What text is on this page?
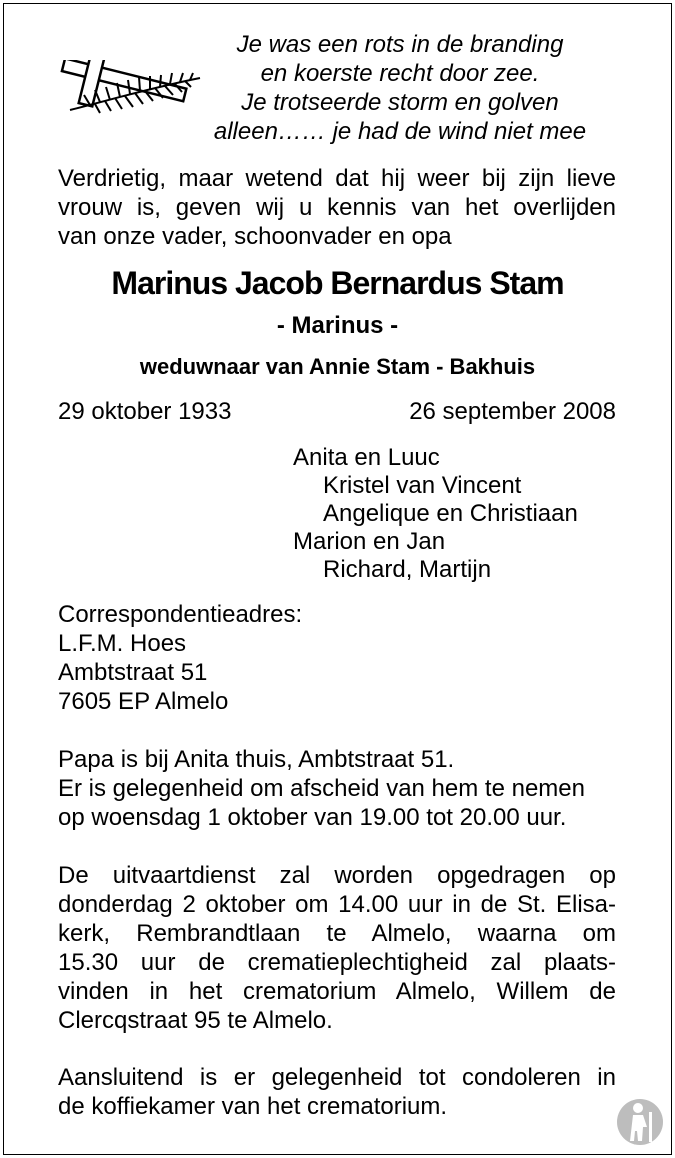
Je was een rots in de branding
en koerste recht door zee.
Je trotseerde storm en golven
alleen…… je had de wind niet mee
Verdrietig, maar wetend dat hij weer bij zijn lieve
vrouw is, geven wij u kennis van het overlijden
van onze vader, schoonvader en opa
Marinus Jacob Bernardus Stam
- Marinus -
weduwnaar van Annie Stam - Bakhuis
29 oktober 1933	26 september 2008
Anita en Luuc
Kristel van Vincent
Angelique en Christiaan
Marion en Jan
Richard, Martijn
Correspondentieadres:
L.F.M. Hoes
Ambtstraat 51
7605 EP Almelo
Papa is bij Anita thuis, Ambtstraat 51.
Er is gelegenheid om afscheid van hem te nemen
op woensdag 1 oktober van 19.00 tot 20.00 uur.
De uitvaartdienst zal worden opgedragen op
donderdag 2 oktober om 14.00 uur in de St. Elisa-
kerk, Rembrandtlaan te Almelo, waarna om
15.30 uur de crematieplechtigheid zal plaats-
vinden in het crematorium Almelo, Willem de
Clercqstraat 95 te Almelo.
Aansluitend is er gelegenheid tot condoleren in
de koffiekamer van het crematorium.
